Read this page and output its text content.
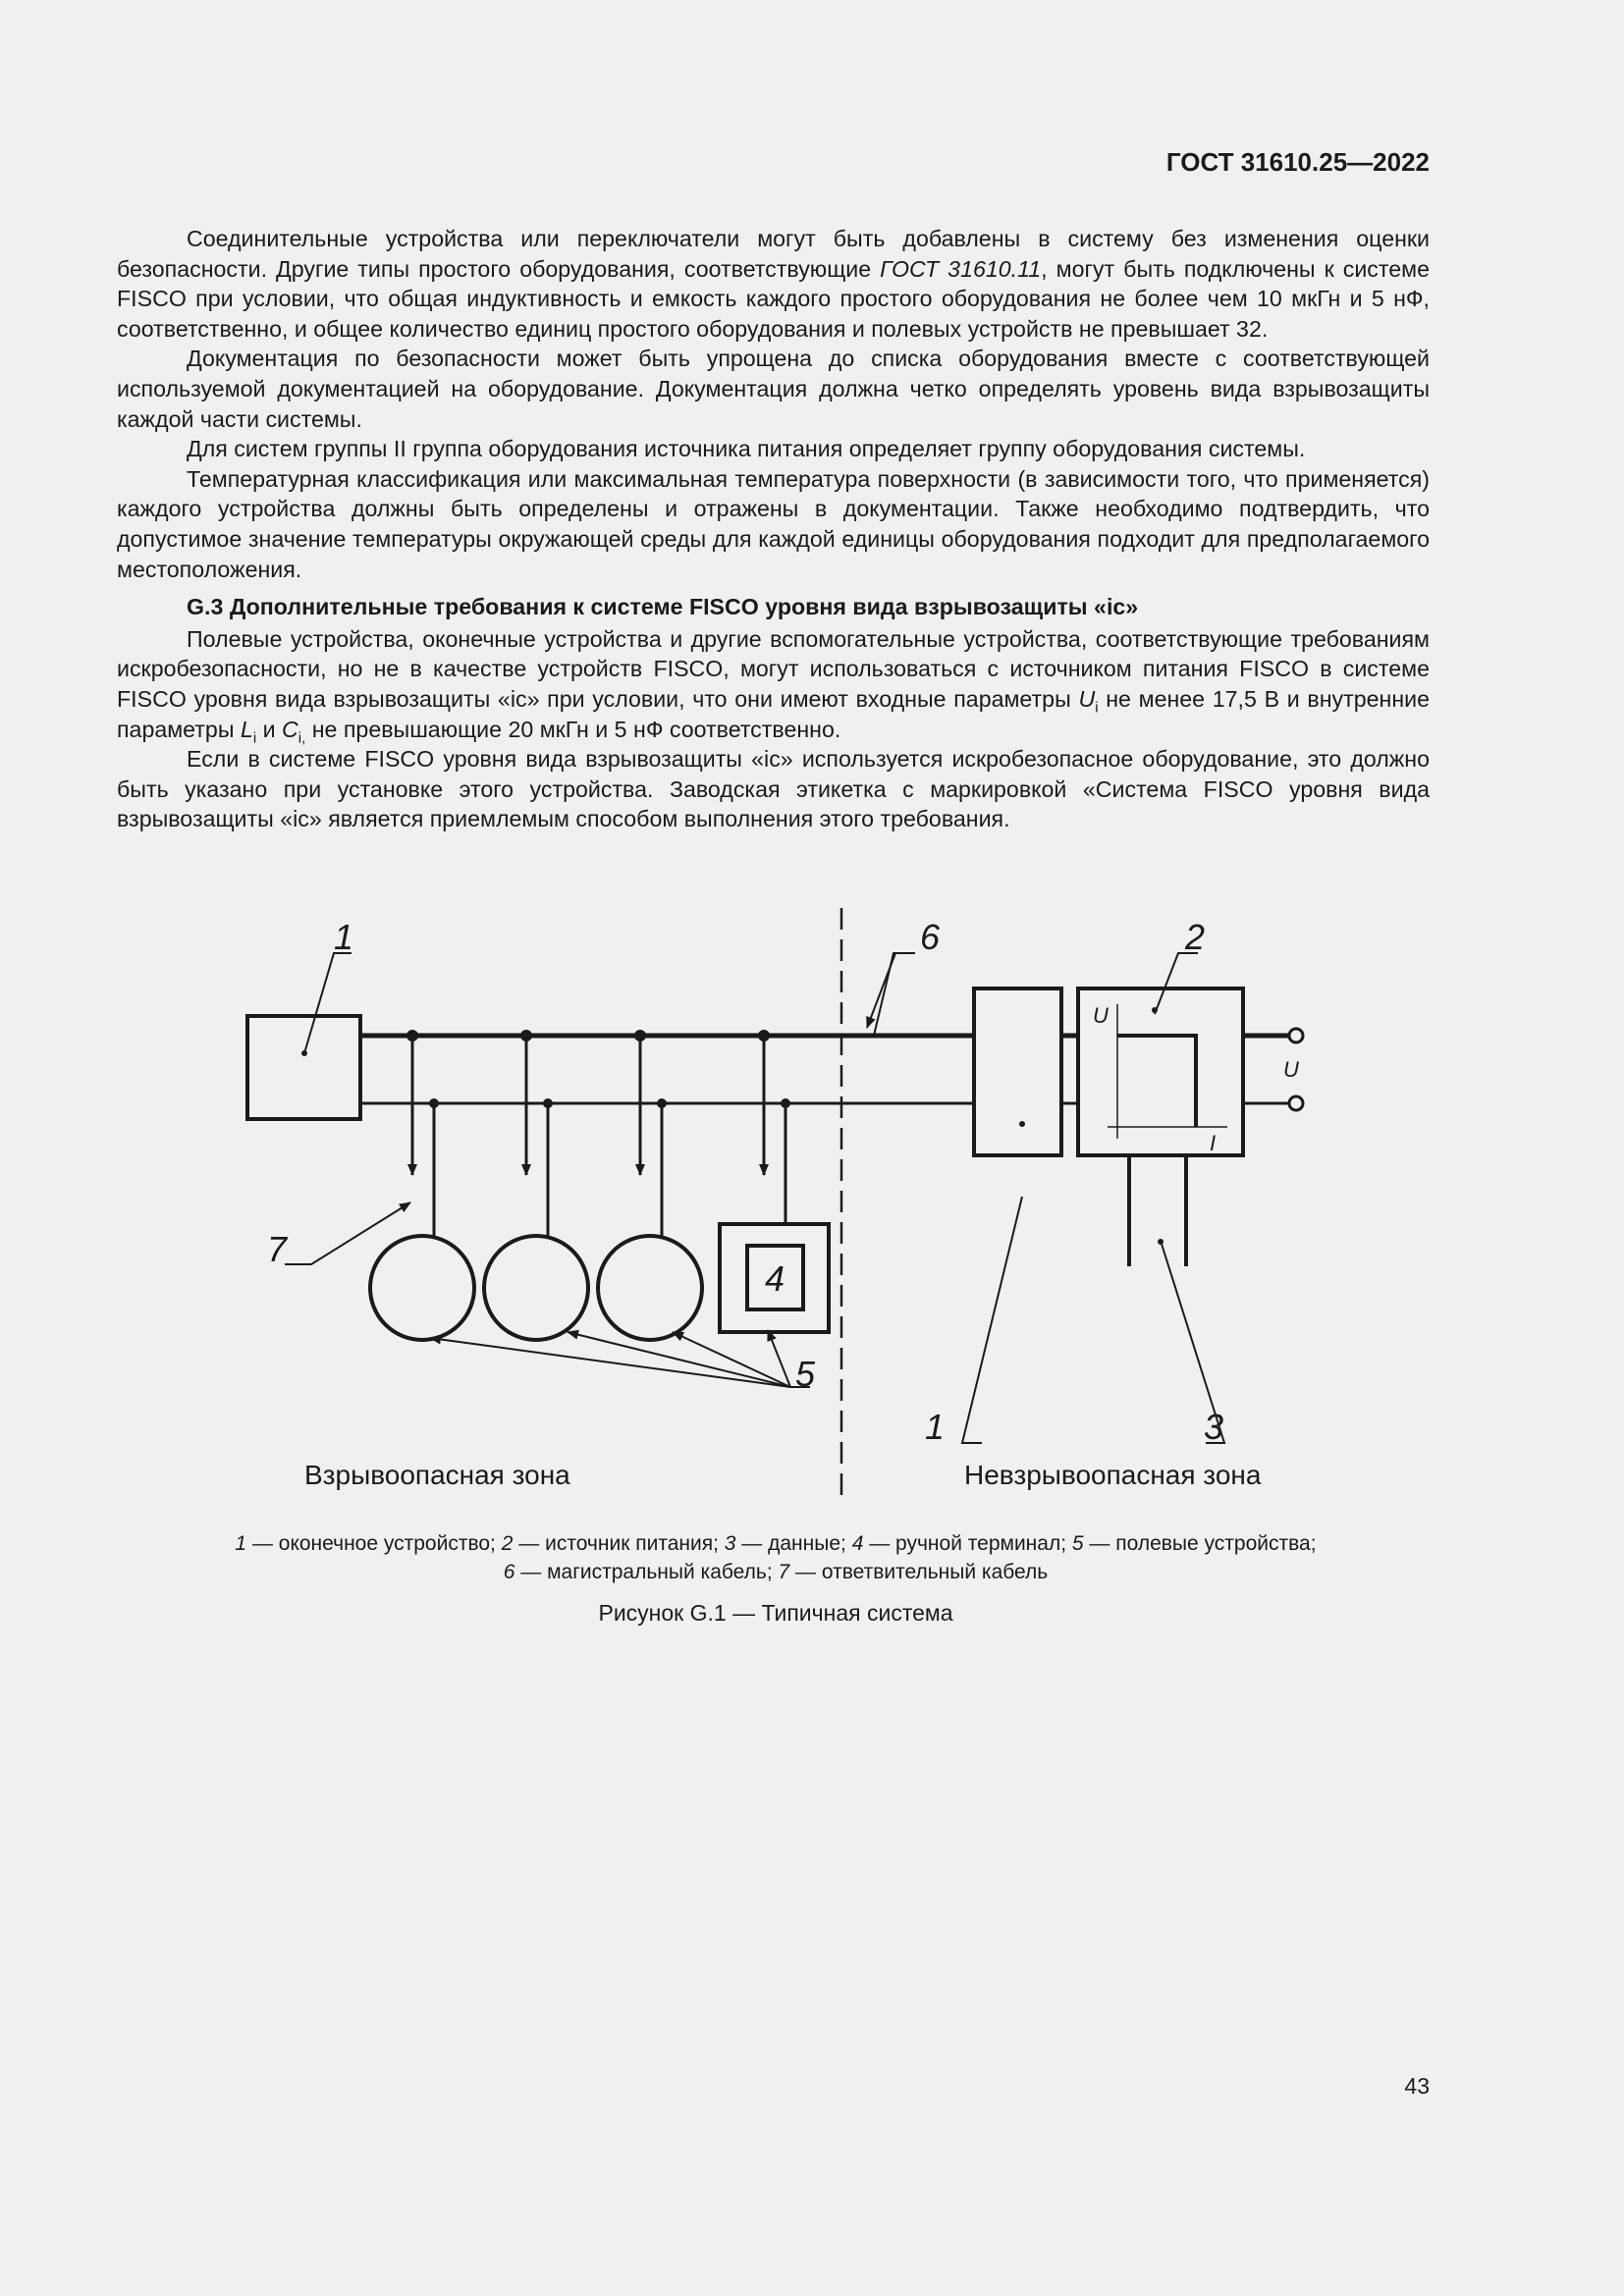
ГОСТ 31610.25—2022

Соединительные устройства или переключатели могут быть добавлены в систему без изменения оценки безопасности. Другие типы простого оборудования, соответствующие ГОСТ 31610.11, могут быть подключены к системе FISCO при условии, что общая индуктивность и емкость каждого простого оборудования не более чем 10 мкГн и 5 нФ, соответственно, и общее количество единиц простого оборудования и полевых устройств не превышает 32.

Документация по безопасности может быть упрощена до списка оборудования вместе с соответствующей используемой документацией на оборудование. Документация должна четко определять уровень вида взрывозащиты каждой части системы.

Для систем группы II группа оборудования источника питания определяет группу оборудования системы.

Температурная классификация или максимальная температура поверхности (в зависимости того, что применяется) каждого устройства должны быть определены и отражены в документации. Также необходимо подтвердить, что допустимое значение температуры окружающей среды для каждой единицы оборудования подходит для предполагаемого местоположения.

G.3 Дополнительные требования к системе FISCO уровня вида взрывозащиты «ic»

Полевые устройства, оконечные устройства и другие вспомогательные устройства, соответствующие требованиям искробезопасности, но не в качестве устройств FISCO, могут использоваться с источником питания FISCO в системе FISCO уровня вида взрывозащиты «ic» при условии, что они имеют входные параметры $U_i$ не менее 17,5 В и внутренние параметры $L_i$ и $C_{i,}$ не превышающие 20 мкГн и 5 нФ соответственно.

Если в системе FISCO уровня вида взрывозащиты «ic» используется искробезопасное оборудование, это должно быть указано при установке этого устройства. Заводская этикетка с маркировкой «Система FISCO уровня вида взрывозащиты «ic» является приемлемым способом выполнения этого требования.

1	2
6
7
4
5
1	3
U
I
U
Взрывоопасная зона	Невзрывоопасная зона
1 — оконечное устройство; 2 — источник питания; 3 — данные; 4 — ручной терминал; 5 — полевые устройства;
6 — магистральный кабель; 7 — ответвительный кабель
Рисунок G.1 — Типичная система
43
